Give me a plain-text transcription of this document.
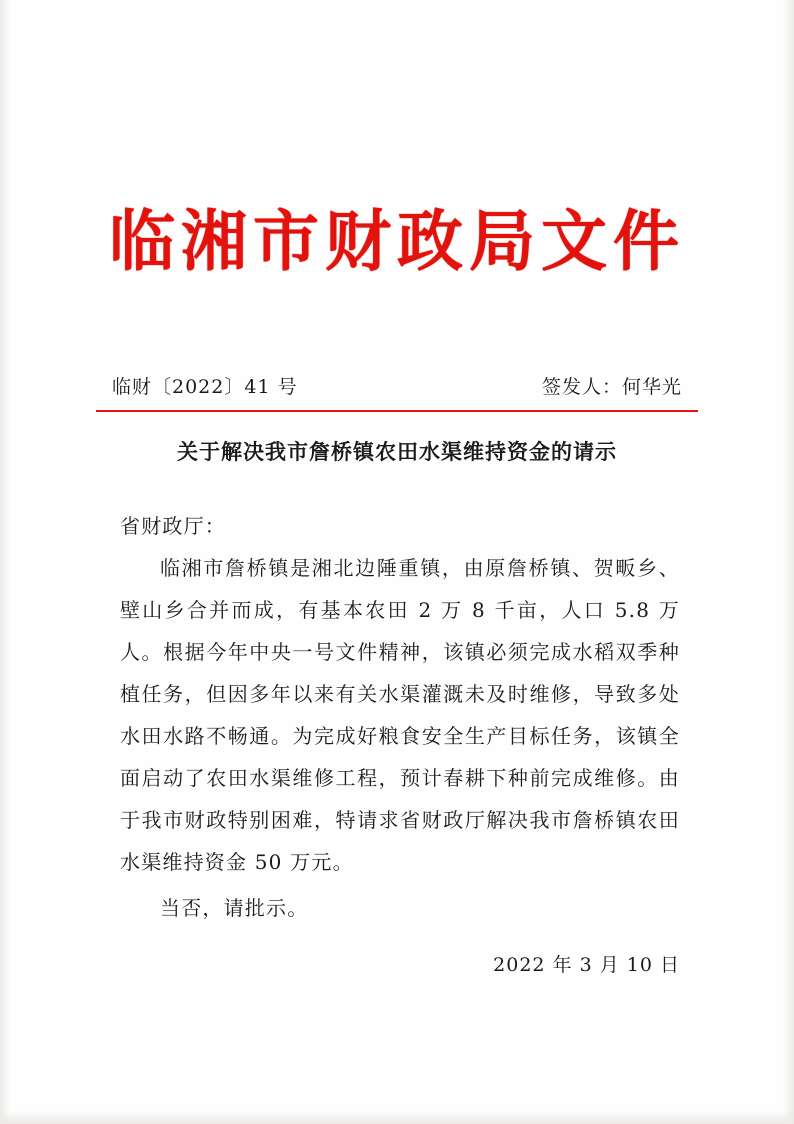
临湘市财政局文件
临财〔2022〕41 号	签发人：何华光
关于解决我市詹桥镇农田水渠维持资金的请示

省财政厅：

临湘市詹桥镇是湘北边陲重镇，由原詹桥镇、贺畈乡、壁山乡合并而成，有基本农田 2 万 8 千亩，人口 5.8 万人。根据今年中央一号文件精神，该镇必须完成水稻双季种植任务，但因多年以来有关水渠灌溉未及时维修，导致多处水田水路不畅通。为完成好粮食安全生产目标任务，该镇全面启动了农田水渠维修工程，预计春耕下种前完成维修。由于我市财政特别困难，特请求省财政厅解决我市詹桥镇农田水渠维持资金 50 万元。

当否，请批示。

2022 年 3 月 10 日
